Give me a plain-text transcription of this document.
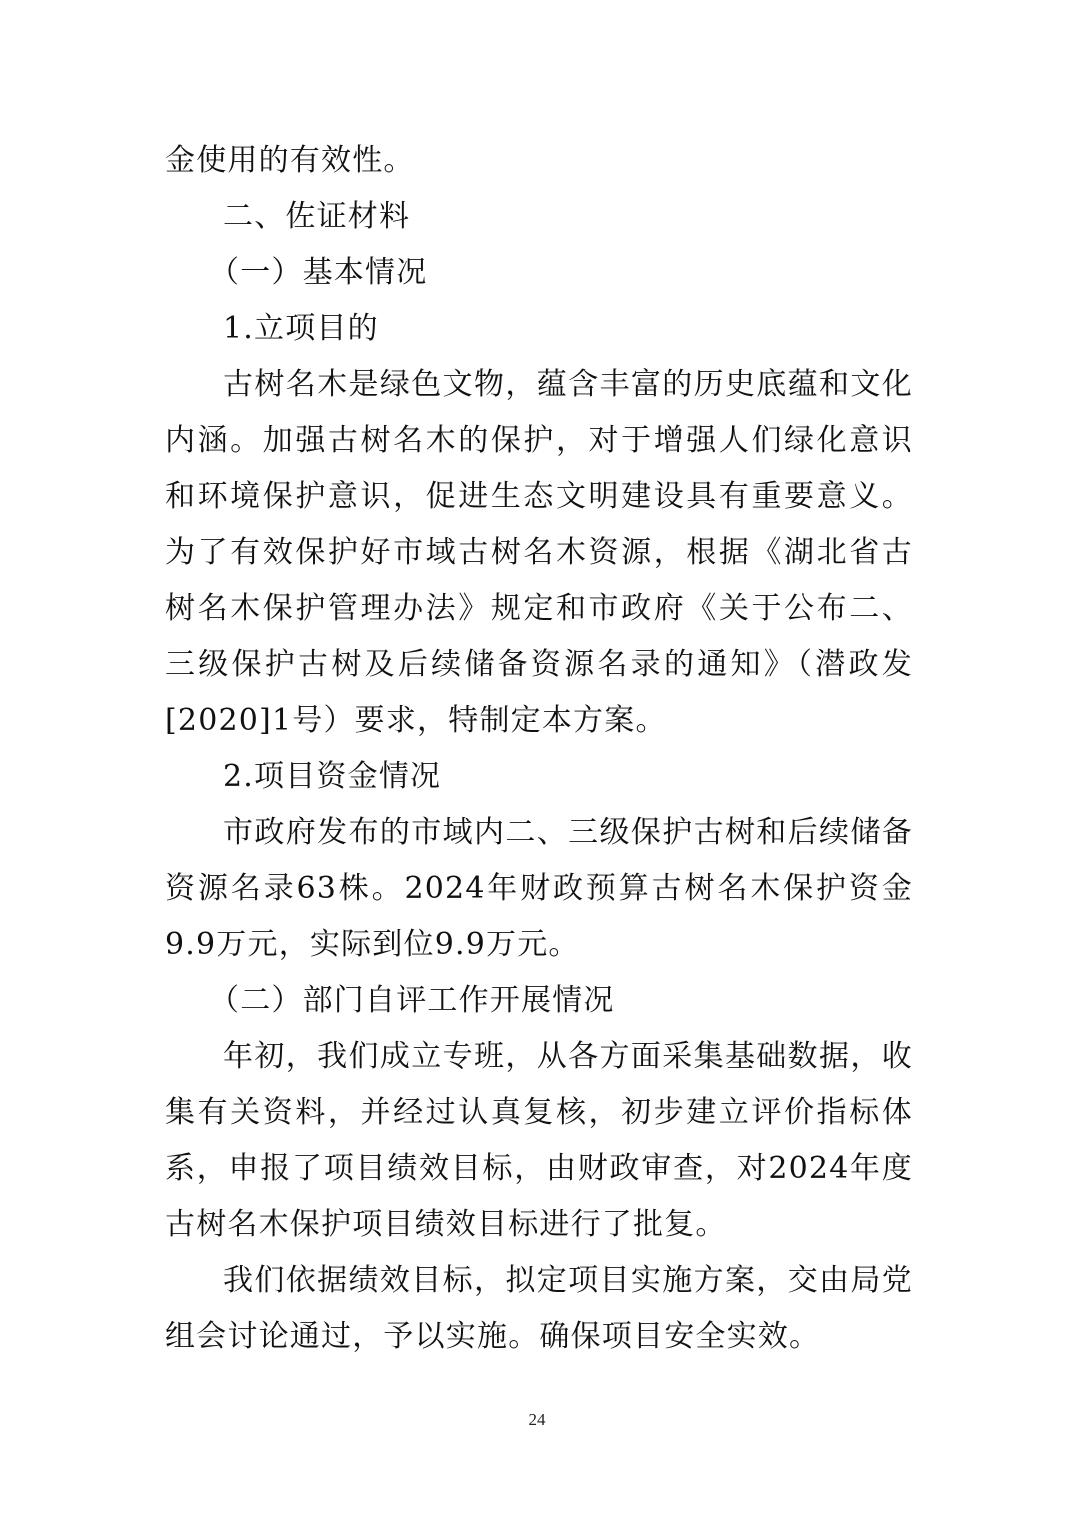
金使用的有效性。

二、佐证材料

（一）基本情况

1.立项目的

古树名木是绿色文物，蕴含丰富的历史底蕴和文化内涵。加强古树名木的保护，对于增强人们绿化意识和环境保护意识，促进生态文明建设具有重要意义。为了有效保护好市域古树名木资源，根据《湖北省古树名木保护管理办法》规定和市政府《关于公布二、三级保护古树及后续储备资源名录的通知》（潜政发[2020]1号）要求，特制定本方案。

2.项目资金情况

市政府发布的市域内二、三级保护古树和后续储备资源名录63株。2024年财政预算古树名木保护资金9.9万元，实际到位9.9万元。

（二）部门自评工作开展情况

年初，我们成立专班，从各方面采集基础数据，收集有关资料，并经过认真复核，初步建立评价指标体系，申报了项目绩效目标，由财政审查，对2024年度古树名木保护项目绩效目标进行了批复。

我们依据绩效目标，拟定项目实施方案，交由局党组会讨论通过，予以实施。确保项目安全实效。

24
